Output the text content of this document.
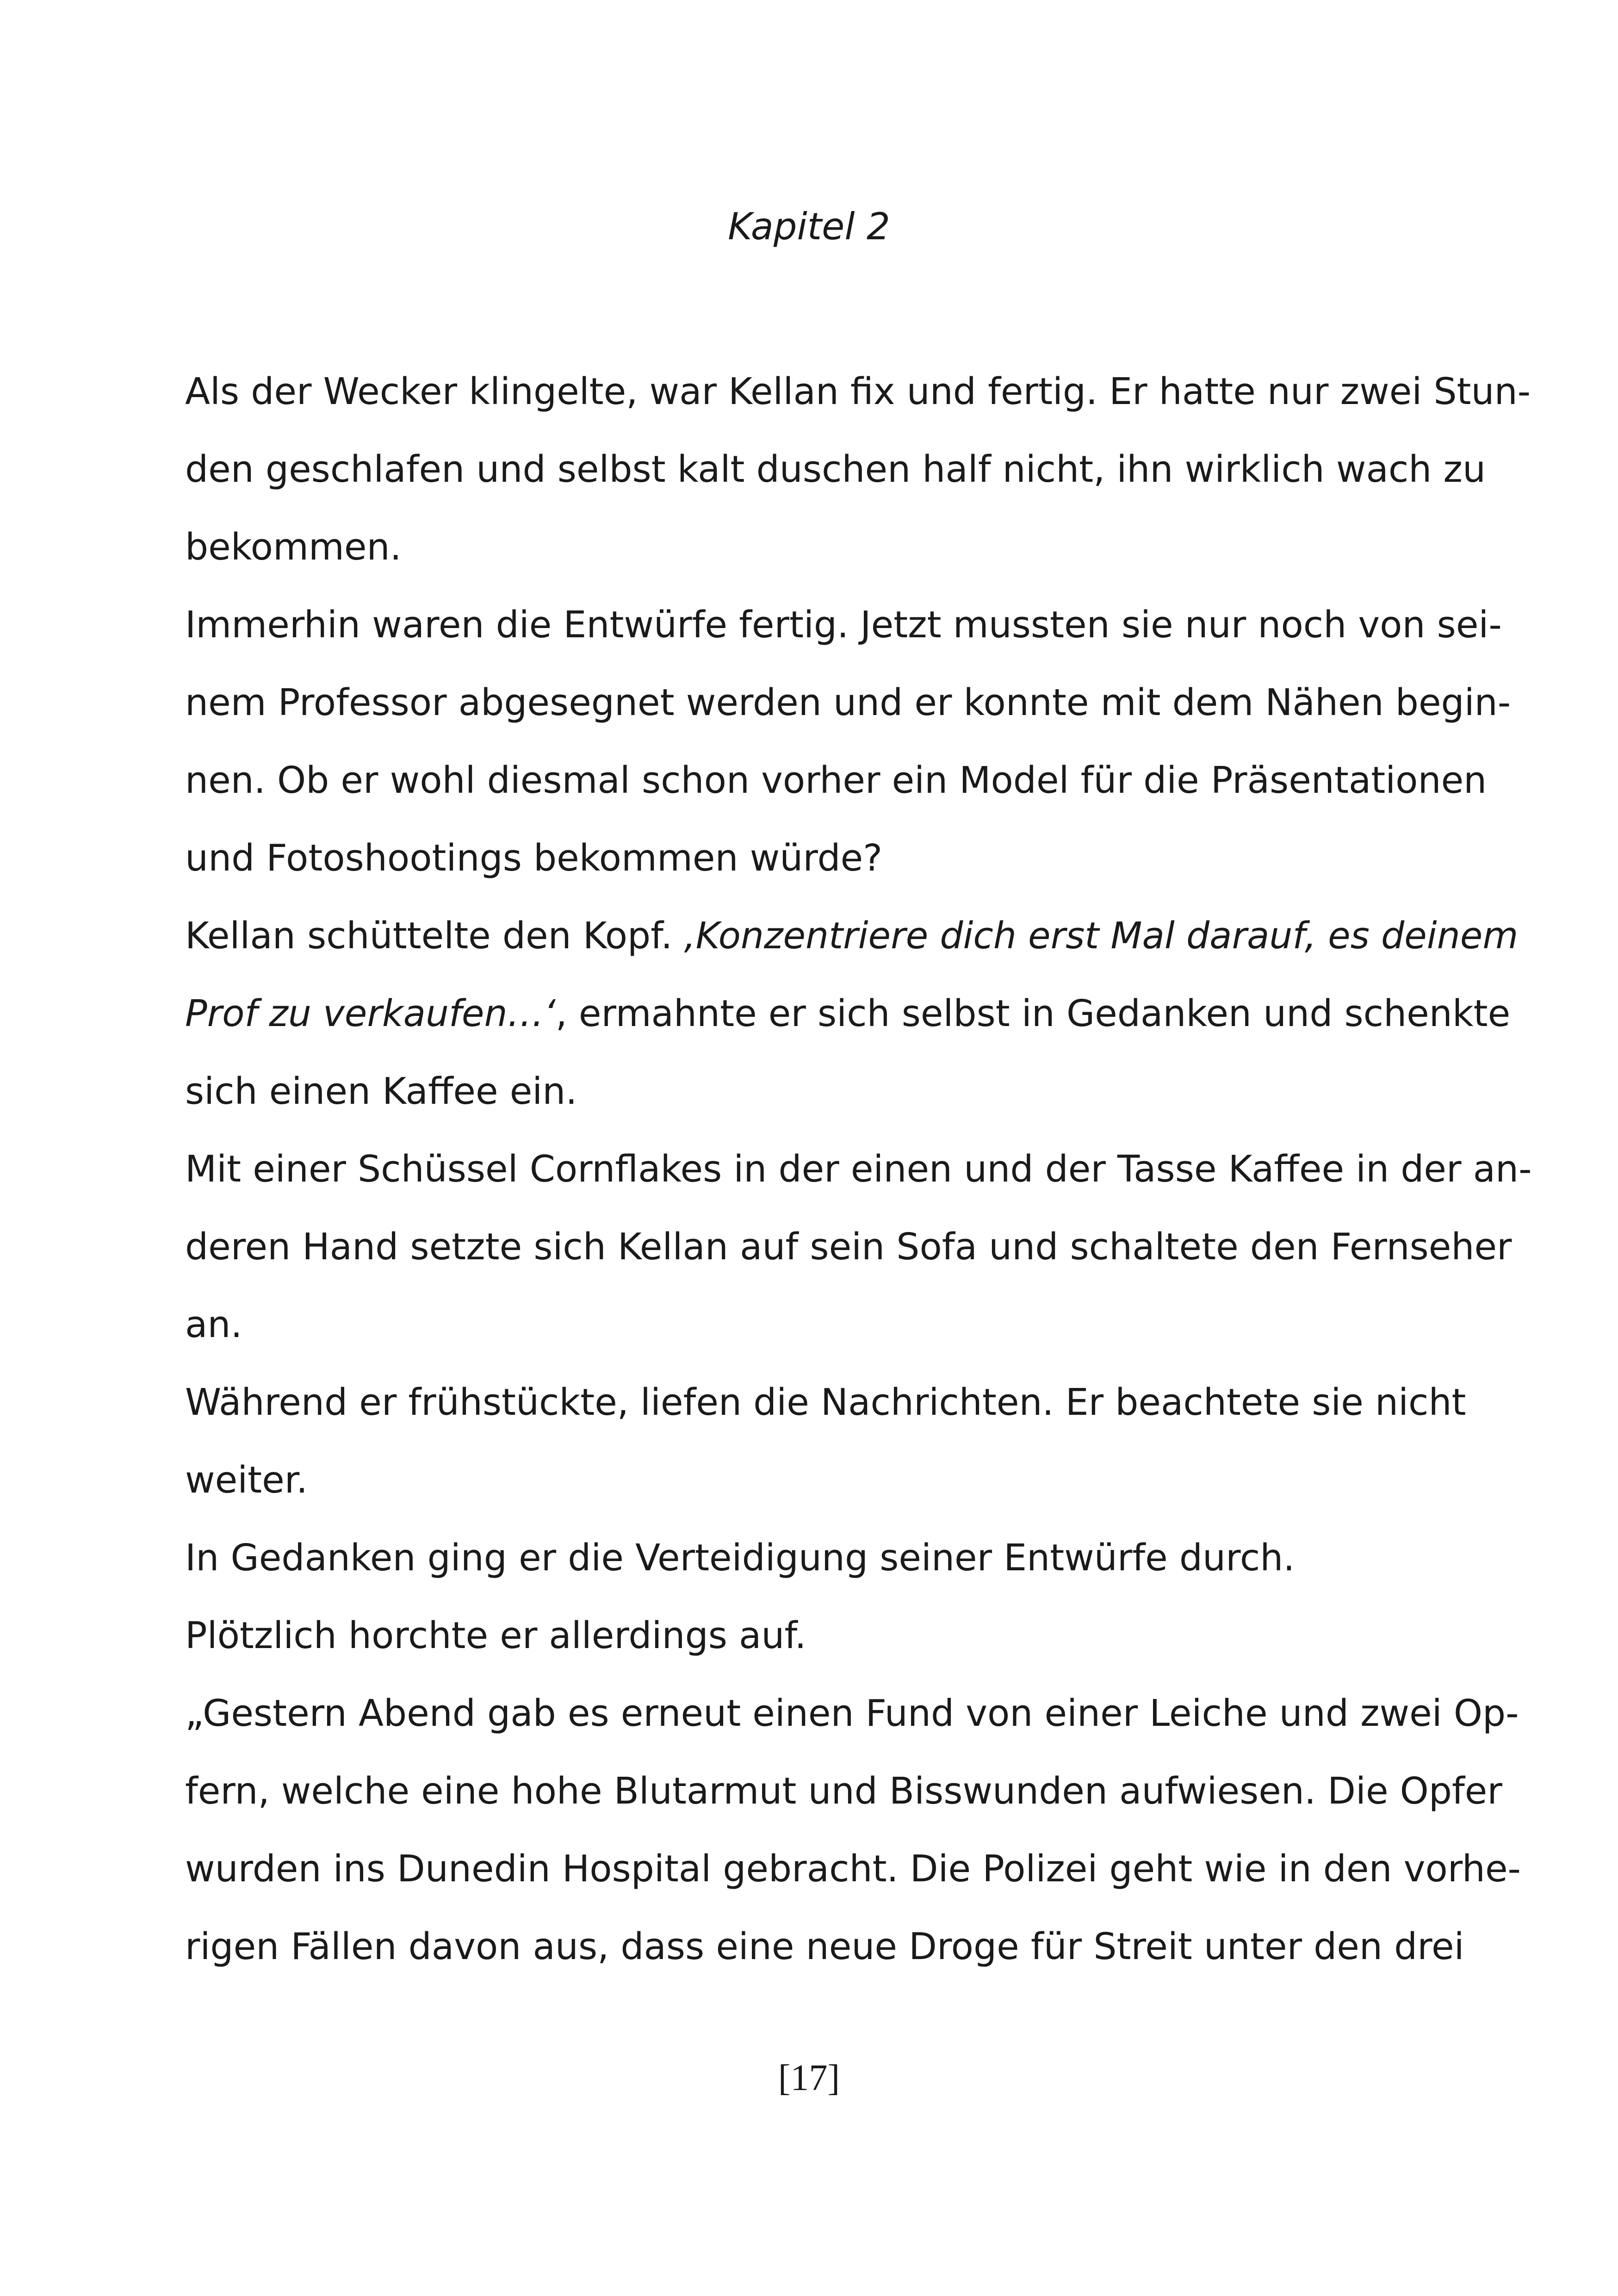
Kapitel 2
Als der Wecker klingelte, war Kellan fix und fertig. Er hatte nur zwei Stun-
den geschlafen und selbst kalt duschen half nicht, ihn wirklich wach zu
bekommen.
Immerhin waren die Entwürfe fertig. Jetzt mussten sie nur noch von sei-
nem Professor abgesegnet werden und er konnte mit dem Nähen begin-
nen. Ob er wohl diesmal schon vorher ein Model für die Präsentationen
und Fotoshootings bekommen würde?
Kellan schüttelte den Kopf. ‚Konzentriere dich erst Mal darauf, es deinem
Prof zu verkaufen…‘, ermahnte er sich selbst in Gedanken und schenkte
sich einen Kaffee ein.
Mit einer Schüssel Cornflakes in der einen und der Tasse Kaffee in der an-
deren Hand setzte sich Kellan auf sein Sofa und schaltete den Fernseher
an.
Während er frühstückte, liefen die Nachrichten. Er beachtete sie nicht
weiter.
In Gedanken ging er die Verteidigung seiner Entwürfe durch.
Plötzlich horchte er allerdings auf.
„Gestern Abend gab es erneut einen Fund von einer Leiche und zwei Op-
fern, welche eine hohe Blutarmut und Bisswunden aufwiesen. Die Opfer
wurden ins Dunedin Hospital gebracht. Die Polizei geht wie in den vorhe-
rigen Fällen davon aus, dass eine neue Droge für Streit unter den drei
[17]
